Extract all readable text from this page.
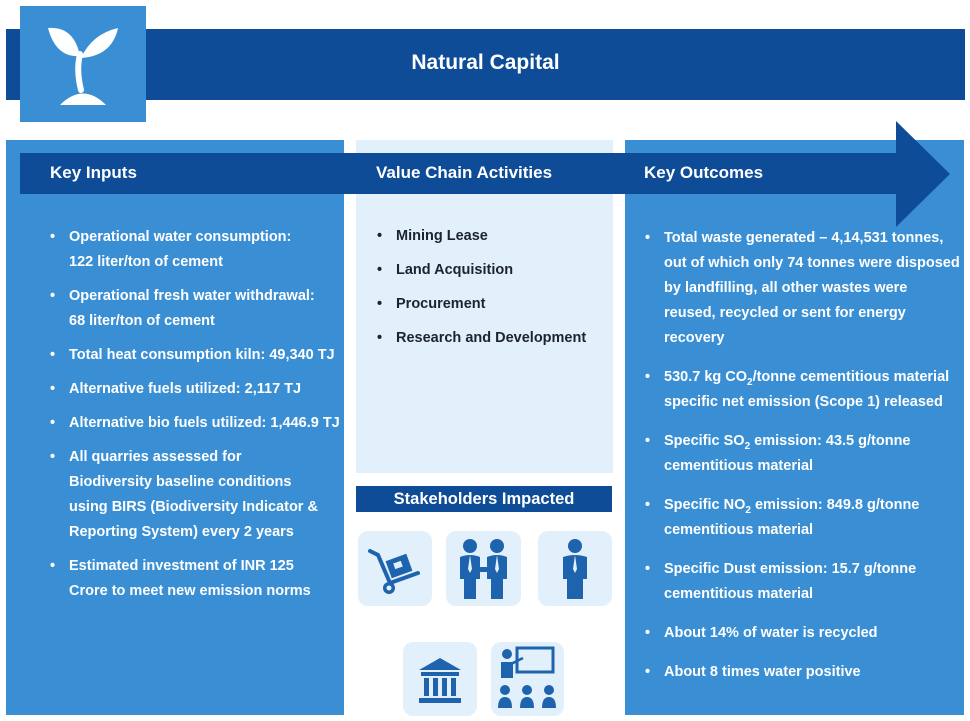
Natural Capital
Key Inputs	Value Chain Activities	Key Outcomes
• Operational water consumption:
122 liter/ton of cement
• Operational fresh water withdrawal:
68 liter/ton of cement
• Total heat consumption kiln: 49,340 TJ
• Alternative fuels utilized: 2,117 TJ
• Alternative bio fuels utilized: 1,446.9 TJ
• All quarries assessed for Biodiversity baseline conditions using BIRS (Biodiversity Indicator & Reporting System) every 2 years
• Estimated investment of INR 125 Crore to meet new emission norms
• Mining Lease
• Land Acquisition
• Procurement
• Research and Development
• Total waste generated – 4,14,531 tonnes, out of which only 74 tonnes were disposed by landfilling, all other wastes were reused, recycled or sent for energy recovery
• 530.7 kg $CO_2$/tonne cementitious material specific net emission (Scope 1) released
• Specific $SO_2$ emission: 43.5 g/tonne cementitious material
• Specific $NO_2$ emission: 849.8 g/tonne cementitious material
• Specific Dust emission: 15.7 g/tonne cementitious material
• About 14% of water is recycled
• About 8 times water positive
Stakeholders Impacted
